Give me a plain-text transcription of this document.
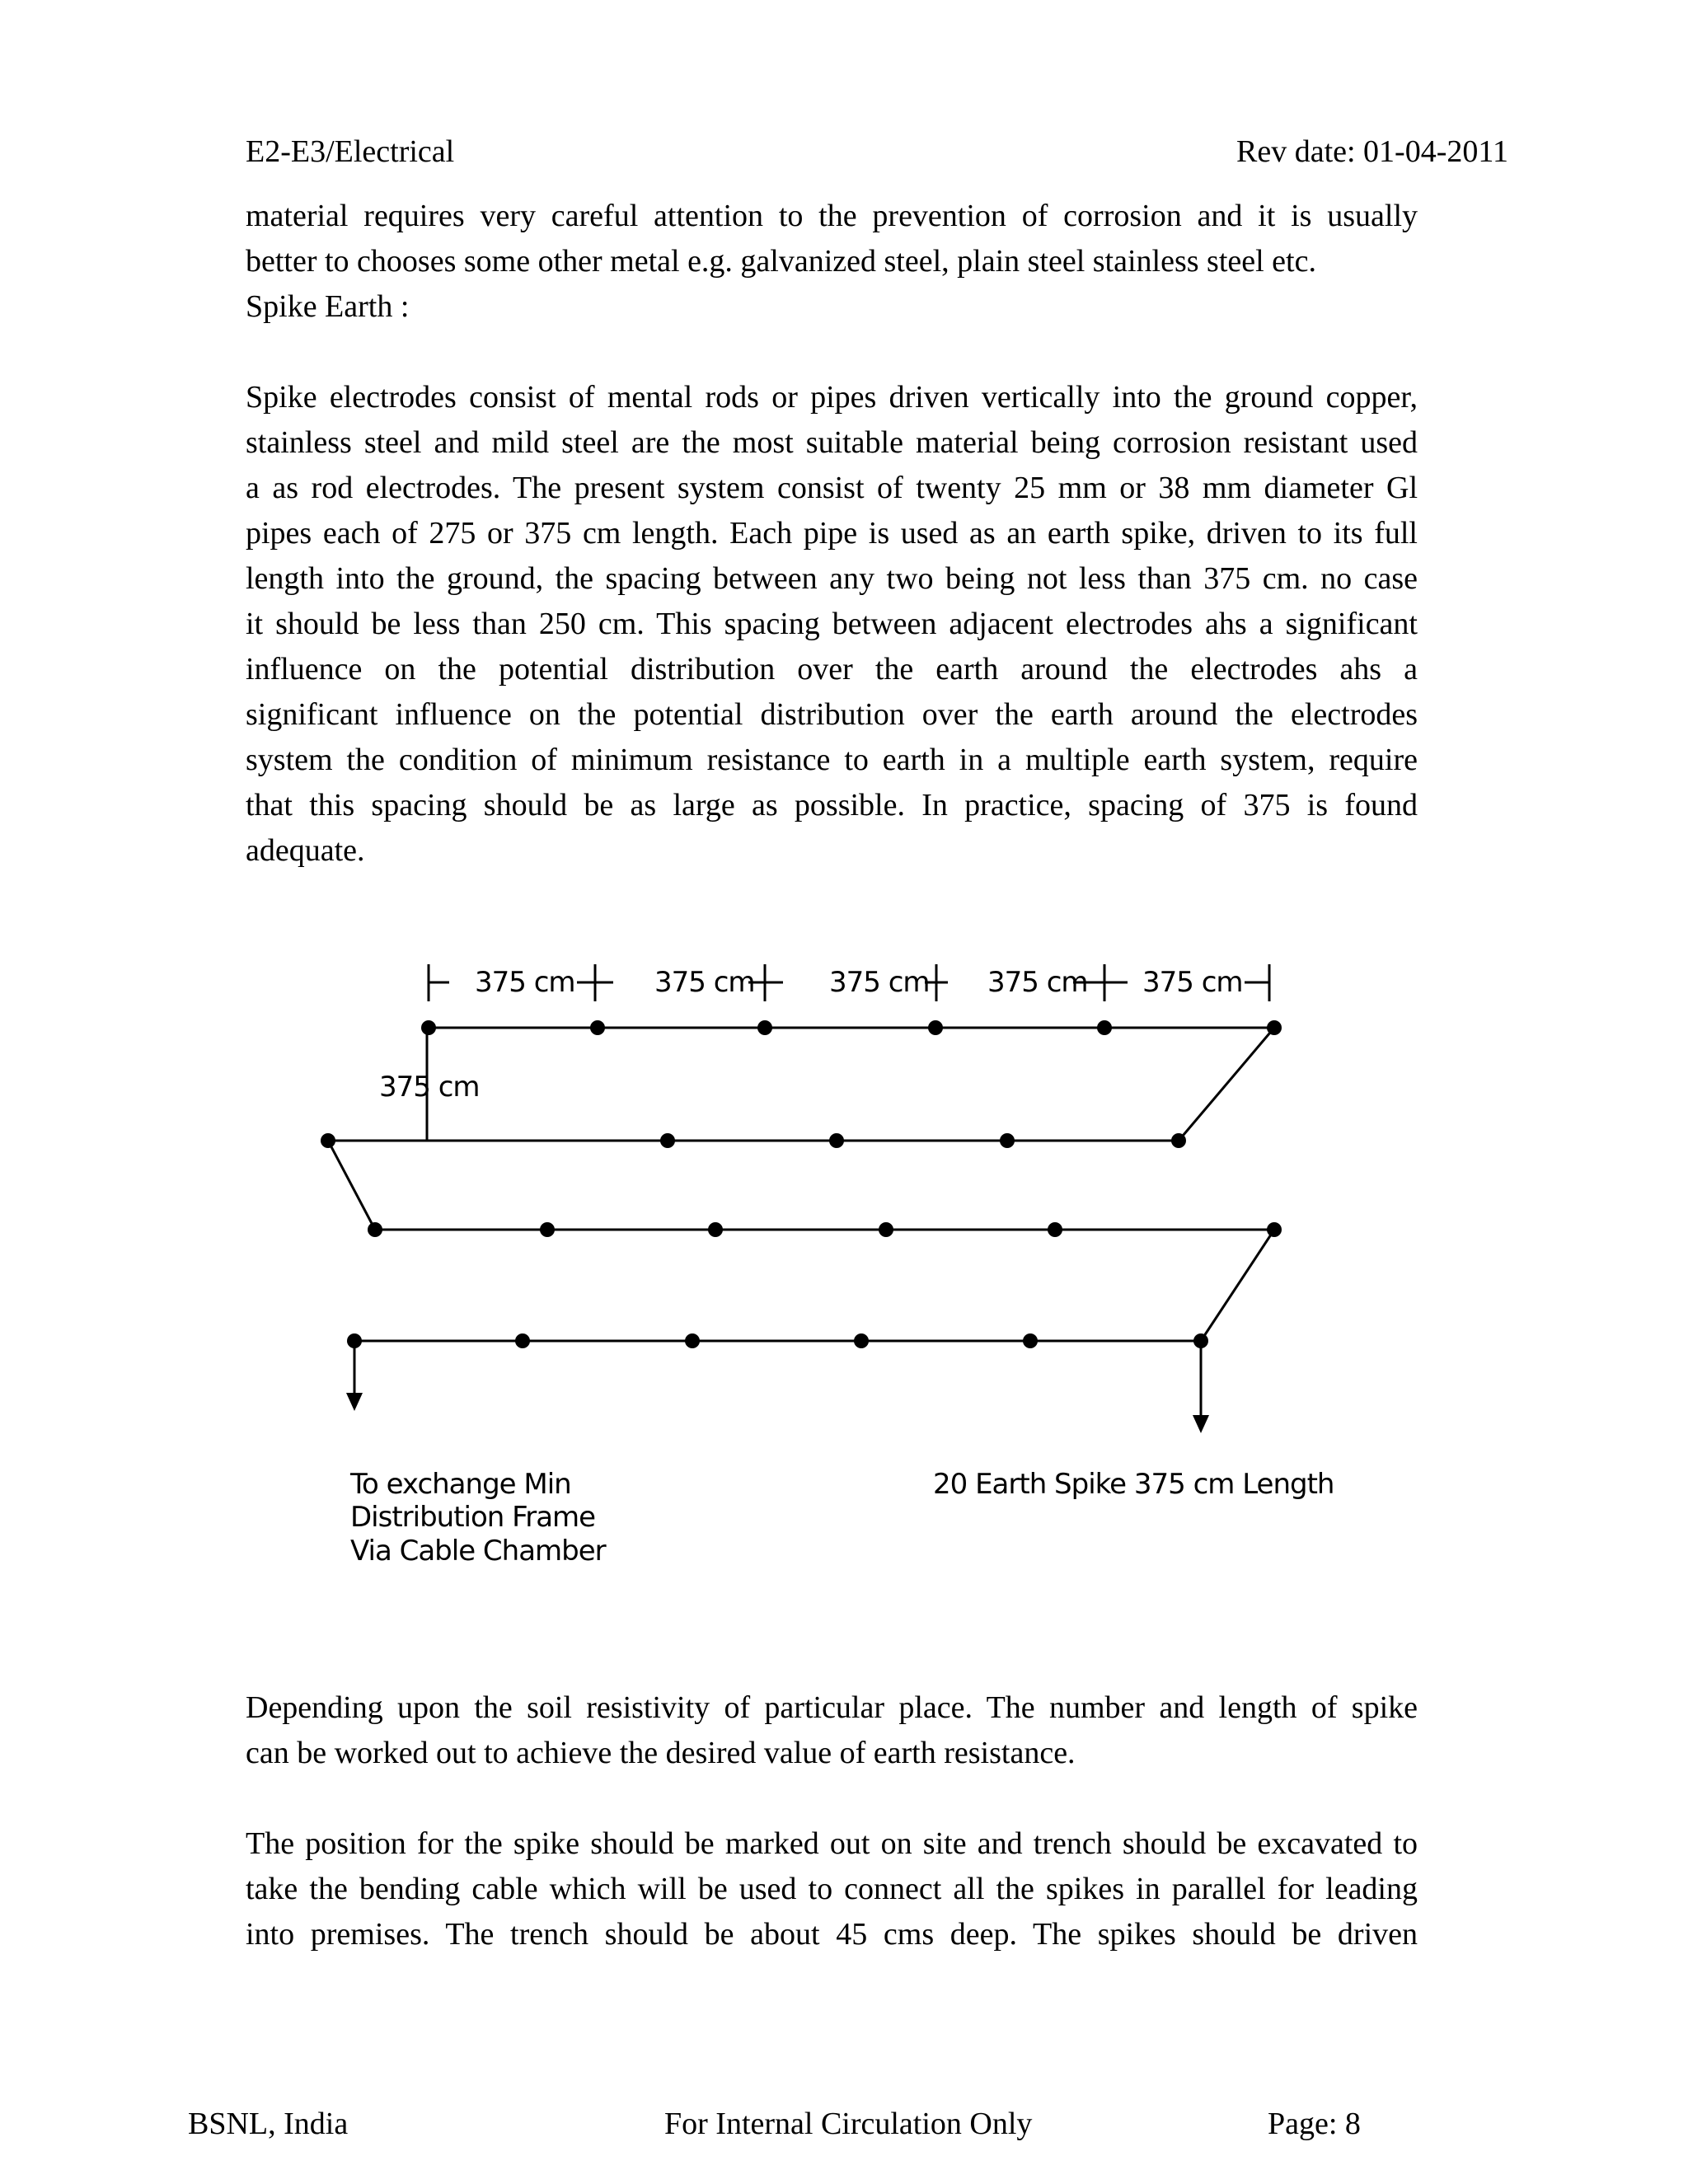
E2-E3/Electrical	Rev date: 01-04-2011
material requires very careful attention to the prevention of corrosion and it is usually
better to chooses some other metal e.g. galvanized steel, plain steel stainless steel etc.
Spike Earth :
Spike electrodes consist of mental rods or pipes driven vertically into the ground copper,
stainless steel and mild steel are the most suitable material being corrosion resistant used
a as rod electrodes. The present system consist of twenty 25 mm or 38 mm diameter Gl
pipes each of 275 or 375 cm length. Each pipe is used as an earth spike, driven to its full
length into the ground, the spacing between any two being not less than 375 cm. no case
it should be less than 250 cm. This spacing between adjacent electrodes ahs a significant
influence on the potential distribution over the earth around the electrodes ahs a
significant influence on the potential distribution over the earth around the electrodes
system the condition of minimum resistance to earth in a multiple earth system, require
that this spacing should be as large as possible. In practice, spacing of 375 is found
adequate.
375 cm	375 cm	375 cm 375 cm 375 cm
375 cm
To exchange Min
Distribution Frame
Via Cable Chamber
20 Earth Spike 375 cm Length
Depending upon the soil resistivity of particular place. The number and length of spike
can be worked out to achieve the desired value of earth resistance.
The position for the spike should be marked out on site and trench should be excavated to
take the bending cable which will be used to connect all the spikes in parallel for leading
into premises. The trench should be about 45 cms deep. The spikes should be driven
BSNL, India	For Internal Circulation Only	Page: 8
